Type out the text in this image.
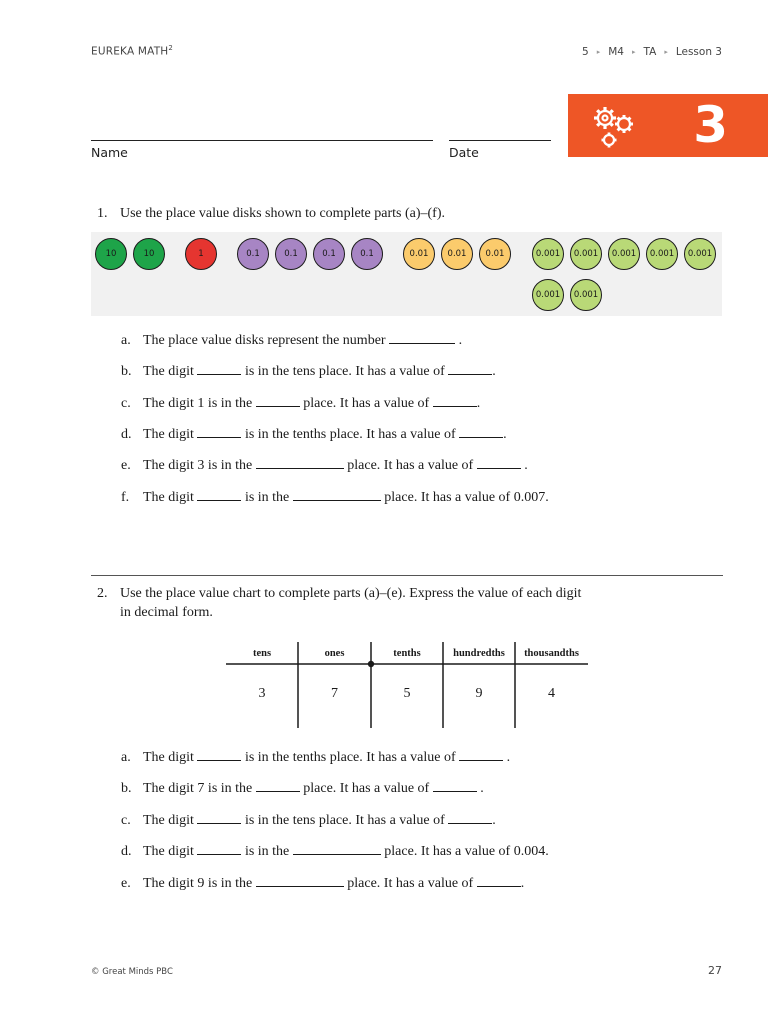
EUREKA MATH$^2$	5 ▸ M4 ▸ TA ▸ Lesson 3
3
Name	Date
1. Use the place value disks shown to complete parts (a)–(f).
10	10	1	0.1	0.1	0.1	0.1	0.01	0.01	0.01	0.001	0.001	0.001	0.001	0.001
0.001	0.001
a. The place value disks represent the number	.
b. The digit	is in the tens place. It has a value of	.
c. The digit 1 is in the	place. It has a value of	.
d. The digit	is in the tenths place. It has a value of	.
e. The digit 3 is in the	place. It has a value of	.
f. The digit	is in the	place. It has a value of 0.007.
2. Use the place value chart to complete parts (a)–(e). Express the value of each digit
in decimal form.
tens	ones	tenths	hundredths	thousandths
3	7	5	9	4
a. The digit	is in the tenths place. It has a value of	.
b. The digit 7 is in the	place. It has a value of	.
c. The digit	is in the tens place. It has a value of	.
d. The digit	is in the	place. It has a value of 0.004.
e. The digit 9 is in the	place. It has a value of	.
© Great Minds PBC	27
